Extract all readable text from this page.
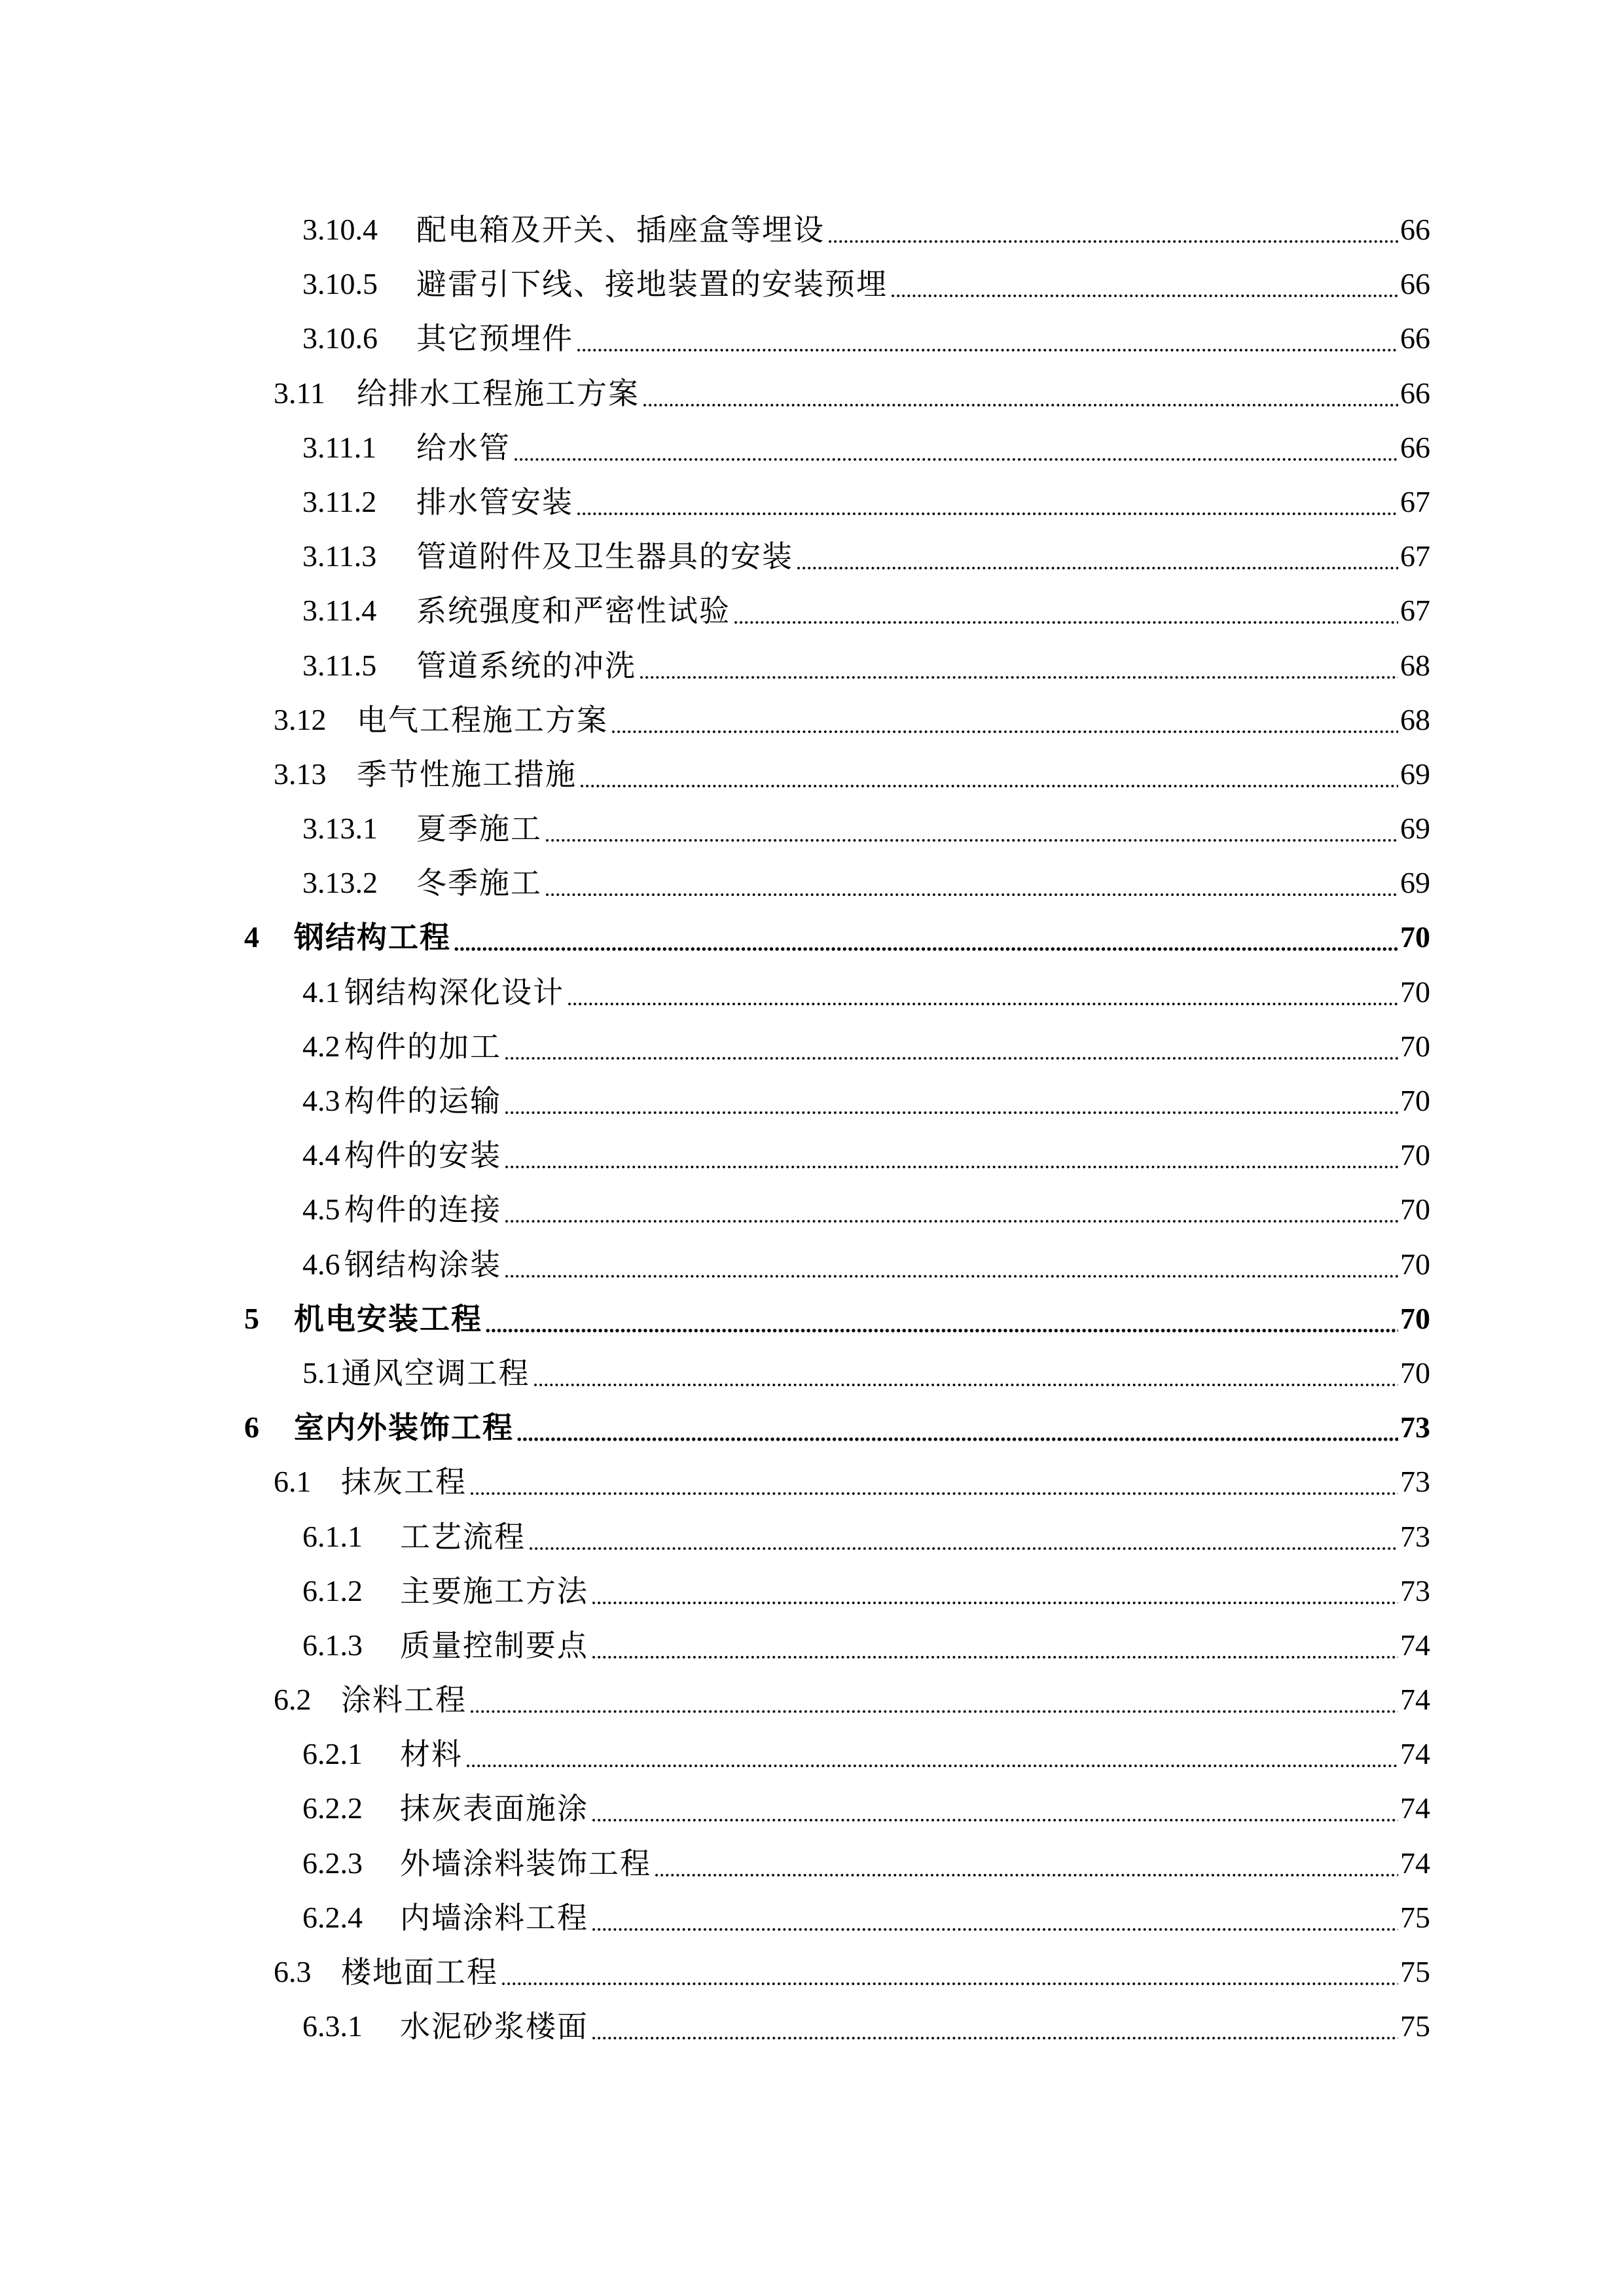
3.10.4	配电箱及开关、插座盒等埋设	66
3.10.5	避雷引下线、接地装置的安装预埋	66
3.10.6	其它预埋件	66
3.11	给排水工程施工方案	66
3.11.1	给水管	66
3.11.2	排水管安装	67
3.11.3	管道附件及卫生器具的安装	67
3.11.4	系统强度和严密性试验	67
3.11.5	管道系统的冲洗	68
3.12	电气工程施工方案	68
3.13	季节性施工措施	69
3.13.1	夏季施工	69
3.13.2	冬季施工	69
4	钢结构工程	70
4.1 钢结构深化设计	70
4.2 构件的加工	70
4.3 构件的运输	70
4.4 构件的安装	70
4.5 构件的连接	70
4.6 钢结构涂装	70
5	机电安装工程	70
5.1 通风空调工程	70
6	室内外装饰工程	73
6.1 抹灰工程	73
6.1.1	工艺流程	73
6.1.2	主要施工方法	73
6.1.3	质量控制要点	74
6.2 涂料工程	74
6.2.1	材料	74
6.2.2	抹灰表面施涂	74
6.2.3	外墙涂料装饰工程	74
6.2.4	内墙涂料工程	75
6.3 楼地面工程	75
6.3.1	水泥砂浆楼面	75
